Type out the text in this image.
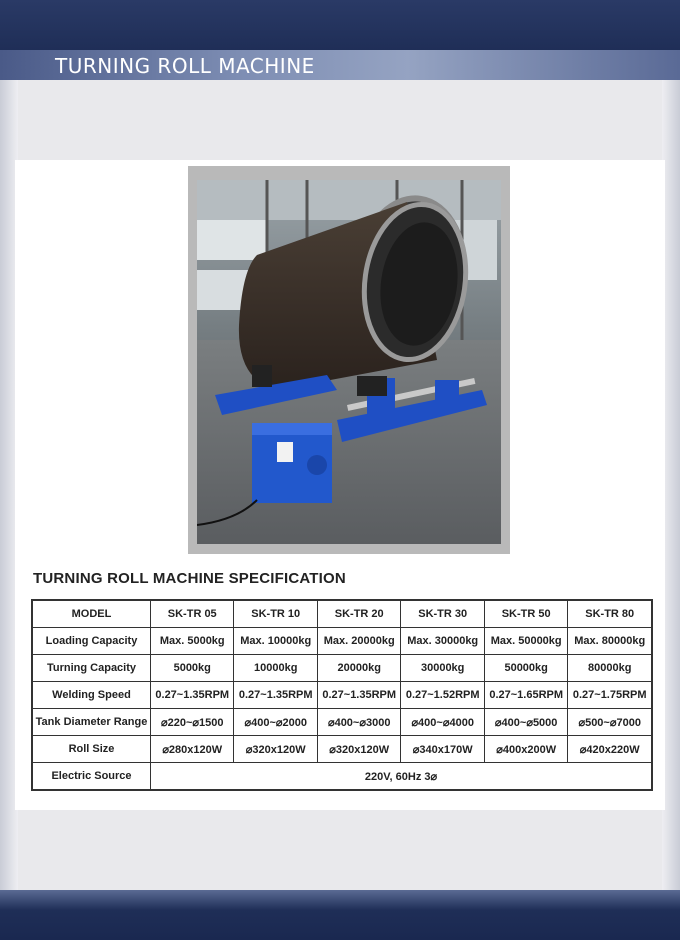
TURNING ROLL MACHINE
TURNING ROLL MACHINE SPECIFICATION
MODEL	SK-TR 05	SK-TR 10	SK-TR 20	SK-TR 30	SK-TR 50	SK-TR 80
Loading Capacity	Max. 5000kg	Max. 10000kg	Max. 20000kg	Max. 30000kg	Max. 50000kg	Max. 80000kg
Turning Capacity	5000kg	10000kg	20000kg	30000kg	50000kg	80000kg
Welding Speed	0.27~1.35RPM	0.27~1.35RPM	0.27~1.35RPM	0.27~1.52RPM	0.27~1.65RPM	0.27~1.75RPM
Tank Diameter Range	⌀220~⌀1500	⌀400~⌀2000	⌀400~⌀3000	⌀400~⌀4000	⌀400~⌀5000	⌀500~⌀7000
Roll Size	⌀280x120W	⌀320x120W	⌀320x120W	⌀340x170W	⌀400x200W	⌀420x220W
Electric Source	220V, 60Hz 3⌀					
